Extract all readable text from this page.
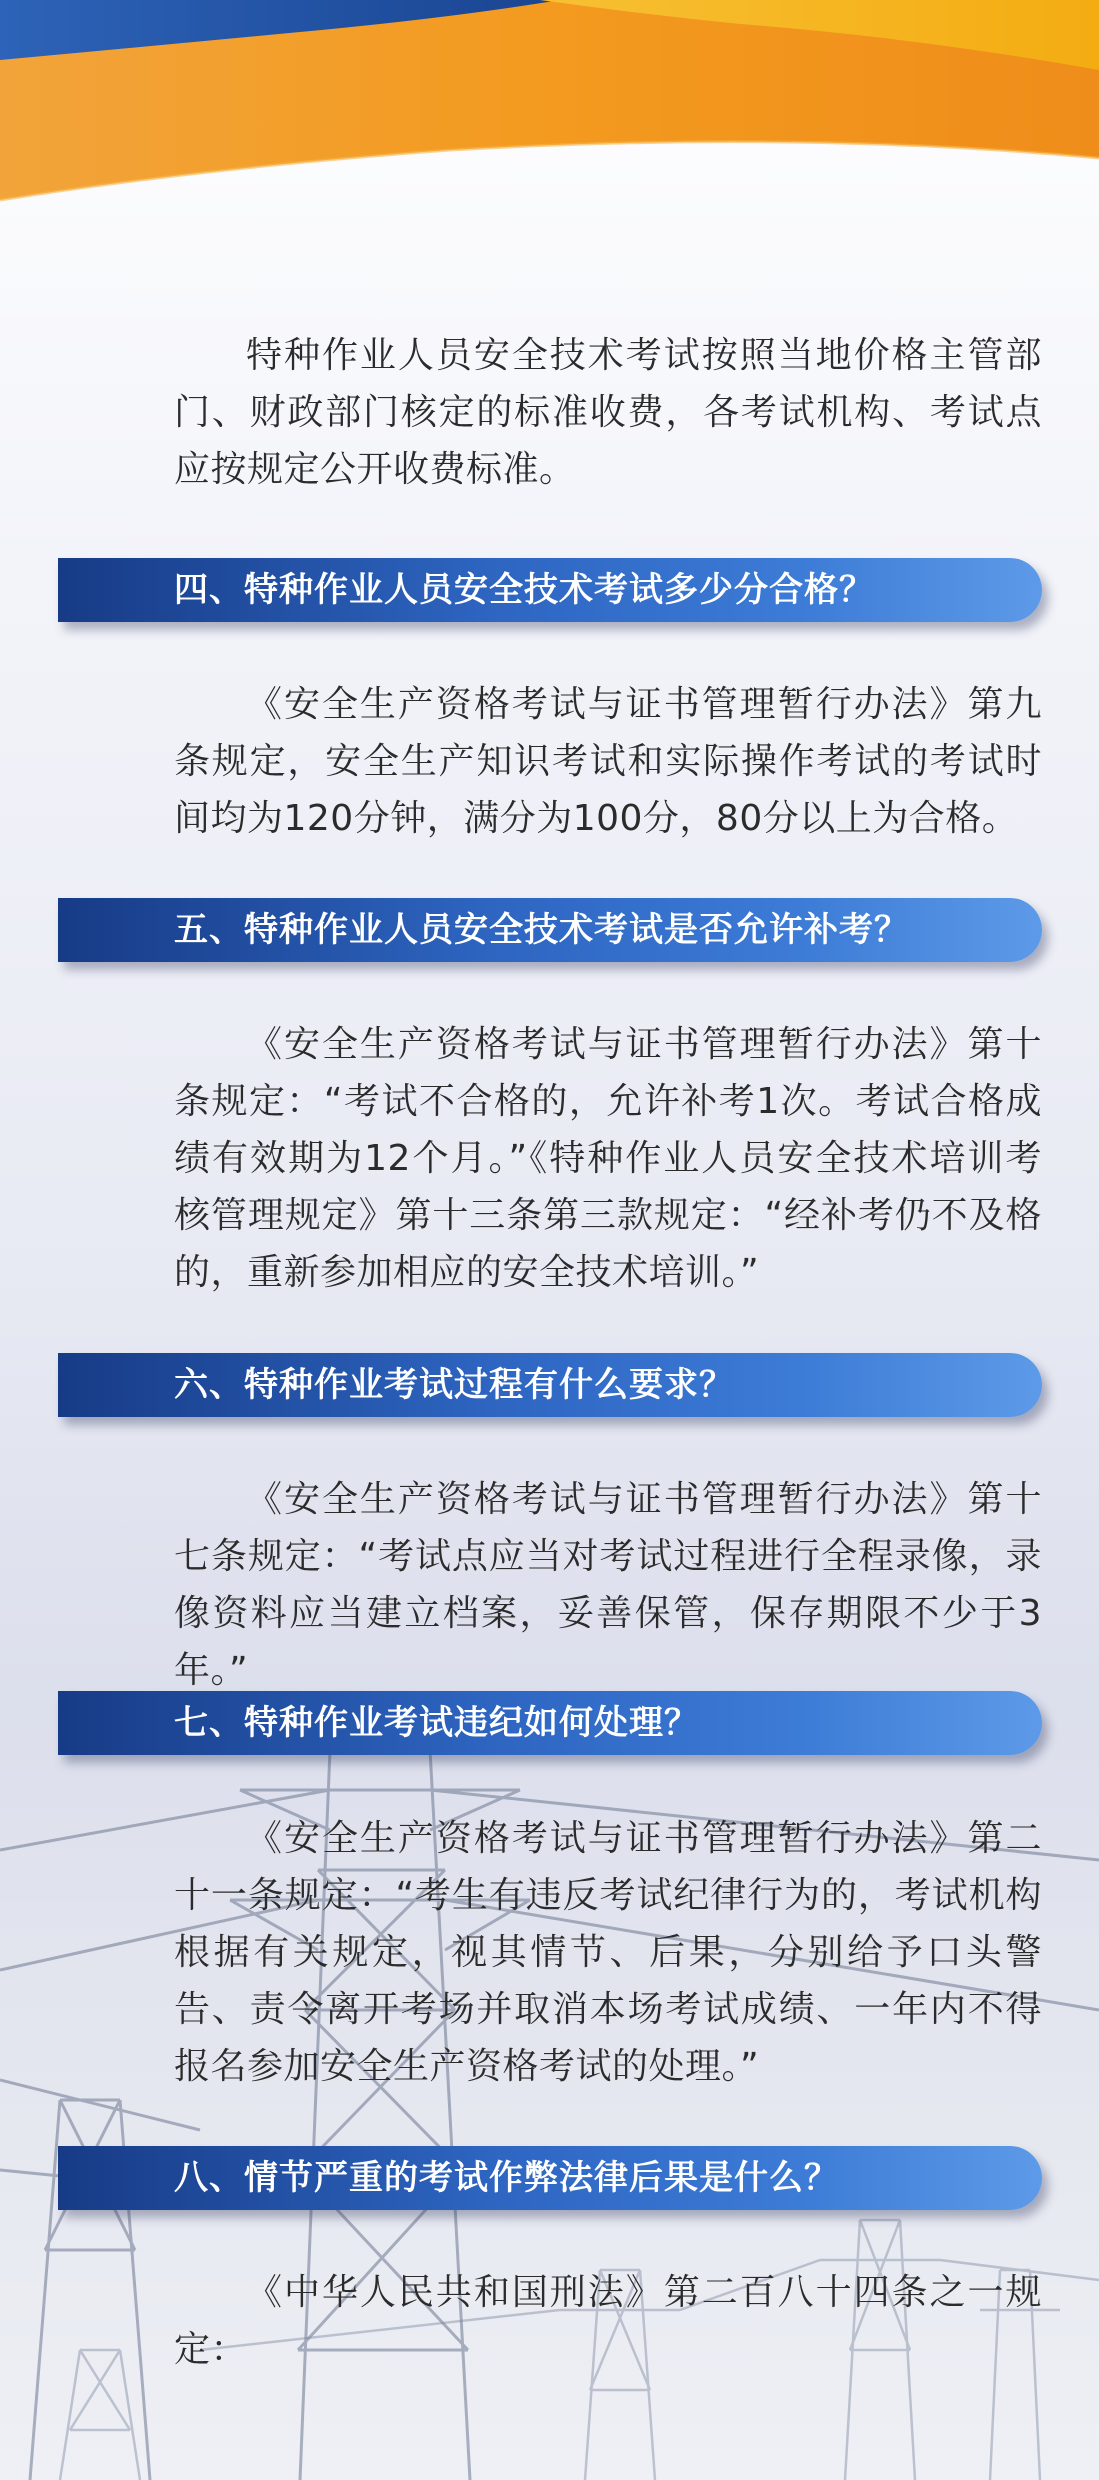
特种作业人员安全技术考试按照当地价格主管部门、财政部门核定的标准收费，各考试机构、考试点应按规定公开收费标准。

四、特种作业人员安全技术考试多少分合格？

《安全生产资格考试与证书管理暂行办法》第九条规定，安全生产知识考试和实际操作考试的考试时间均为120分钟，满分为100分，80分以上为合格。

五、特种作业人员安全技术考试是否允许补考？

《安全生产资格考试与证书管理暂行办法》第十条规定：“考试不合格的，允许补考1次。考试合格成绩有效期为12个月。”《特种作业人员安全技术培训考核管理规定》第十三条第三款规定：“经补考仍不及格的，重新参加相应的安全技术培训。”

六、特种作业考试过程有什么要求？

《安全生产资格考试与证书管理暂行办法》第十七条规定：“考试点应当对考试过程进行全程录像，录像资料应当建立档案，妥善保管，保存期限不少于3年。”

七、特种作业考试违纪如何处理？

《安全生产资格考试与证书管理暂行办法》第二十一条规定：“考生有违反考试纪律行为的，考试机构根据有关规定，视其情节、后果，分别给予口头警告、责令离开考场并取消本场考试成绩、一年内不得报名参加安全生产资格考试的处理。”

八、情节严重的考试作弊法律后果是什么？

《中华人民共和国刑法》第二百八十四条之一规定：
